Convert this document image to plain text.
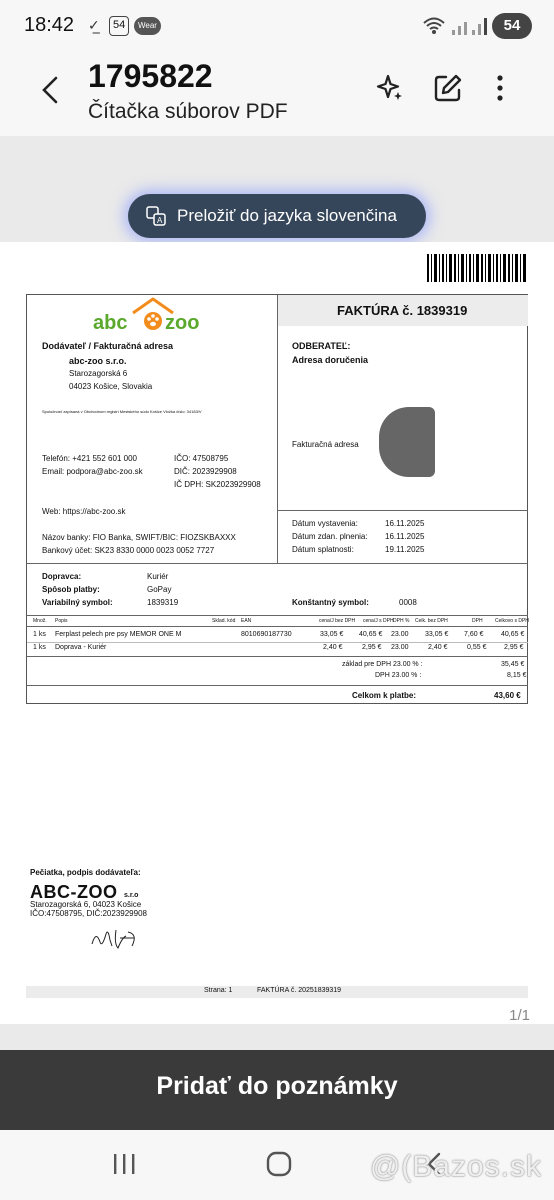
18:42 ✓̲	54	Wear	54
1795822
Čítačka súborov PDF
A Preložiť do jazyka slovenčina
abc zoo
FAKTÚRA č. 1839319
Dodávateľ / Fakturačná adresa
abc-zoo s.r.o.
Starozagorská 6
04023 Košice, Slovakia
Spoločnosť zapísaná v Obchodnom registri Mestského súdu Košice Vložka číslo: 34183/V
Telefón: +421 552 601 000
Email: podpora@abc-zoo.sk
IČO: 47508795
DIČ: 2023929908
IČ DPH: SK2023929908
Web: https://abc-zoo.sk
Názov banky: FIO Banka, SWIFT/BIC: FIOZSKBAXXX
Bankový účet: SK23 8330 0000 0023 0052 7727
ODBERATEĽ:
Adresa doručenia
Fakturačná adresa
Dátum vystavenia:	16.11.2025
Dátum zdan. plnenia: 16.11.2025
Dátum splatnosti:	19.11.2025
Dopravca:	Kuriér
Spôsob platby:	GoPay
Variabilný symbol:	1839319	Konštantný symbol:	0008
Množ. Popis	Sklad. kód EAN	cena/J bez DPH cena/J s DPH DPH % Celk. bez DPH	DPH Celkovo s DPH
1 ks Ferplast pelech pre psy MEMOR ONE M	8010690187730	33,05 € 40,65 € 23.00 33,05 € 7,60 €	40,65 €
1 ks Doprava - Kuriér	2,40 €	2,95 € 23.00	2,40 €	0,55 €	2,95 €
základ pre DPH 23.00 % :	35,45 €
DPH 23.00 % :	8,15 €
Celkom k platbe:	43,60 €
Pečiatka, podpis dodávateľa:
ABC-ZOO s.r.o
Starozagorská 6, 04023 Košice
IČO:47508795, DIČ:2023929908
Strana: 1	FAKTÚRA č. 20251839319
1/1
Pridať do poznámky
@(Bazos.sk
